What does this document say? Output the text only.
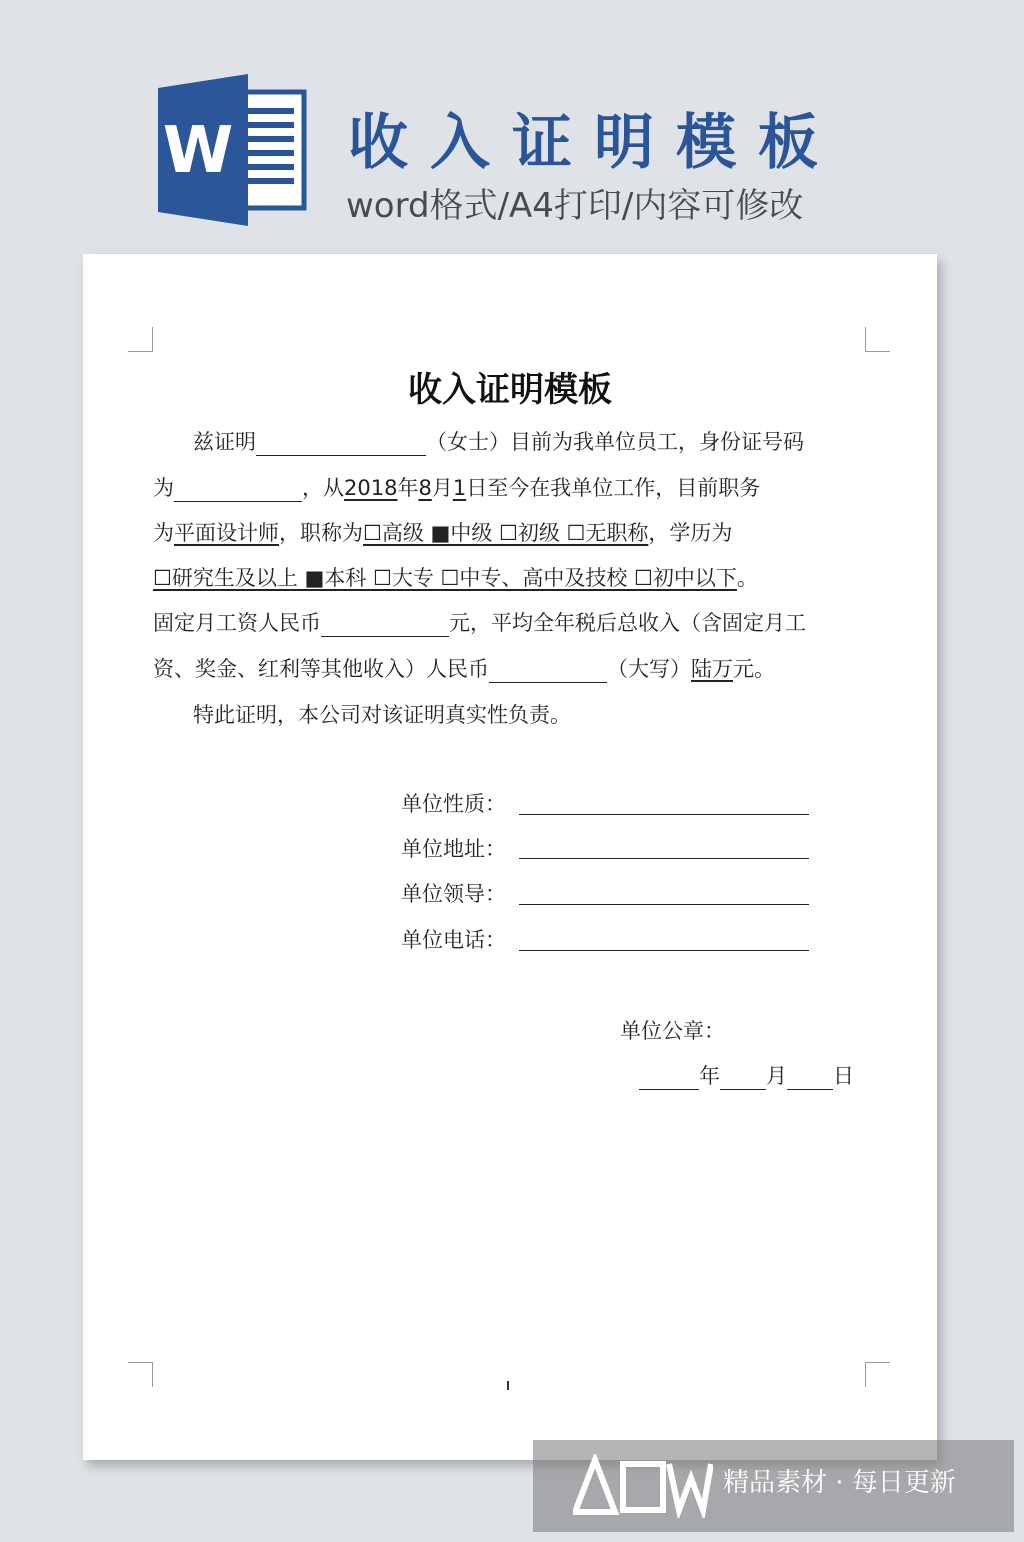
W 收入证明模板

word格式/A4打印/内容可修改

收入证明模板

兹证明	（女士）目前为我单位员工，身份证号码

为	，从2018年8月1日至今在我单位工作，目前职务

为平面设计师，职称为☐高级 ■中级 ☐初级 ☐无职称，学历为

☐研究生及以上 ■本科 ☐大专 ☐中专、高中及技校 ☐初中以下。

固定月工资人民币	元，平均全年税后总收入（含固定月工

资、奖金、红利等其他收入）人民币	（大写）陆万元。

特此证明，本公司对该证明真实性负责。

单位性质：

单位地址：

单位领导：

单位电话：

单位公章：

年 月 日

精品素材 · 每日更新
